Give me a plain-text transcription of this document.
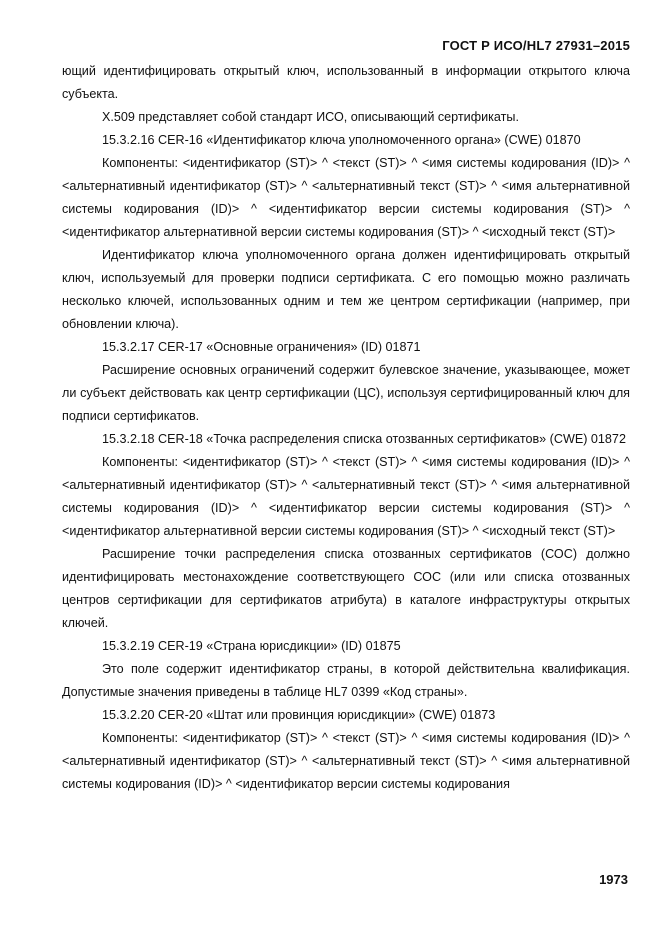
ГОСТ Р ИСО/HL7 27931–2015

ющий идентифицировать открытый ключ, использованный в информации открытого ключа субъекта.

X.509 представляет собой стандарт ИСО, описывающий сертификаты.

15.3.2.16 CER-16 «Идентификатор ключа уполномоченного органа» (CWE) 01870

Компоненты: <идентификатор (ST)> ^ <текст (ST)> ^ <имя системы кодирования (ID)> ^ <альтернативный идентификатор (ST)> ^ <альтернативный текст (ST)> ^ <имя альтернативной системы кодирования (ID)> ^ <идентификатор версии системы кодирования (ST)> ^ <идентификатор альтернативной версии системы кодирования (ST)> ^ <исходный текст (ST)>

Идентификатор ключа уполномоченного органа должен идентифицировать открытый ключ, используемый для проверки подписи сертификата. С его помощью можно различать несколько ключей, использованных одним и тем же центром сертификации (например, при обновлении ключа).

15.3.2.17 CER-17 «Основные ограничения» (ID) 01871

Расширение основных ограничений содержит булевское значение, указывающее, может ли субъект действовать как центр сертификации (ЦС), используя сертифицированный ключ для подписи сертификатов.

15.3.2.18 CER-18 «Точка распределения списка отозванных сертификатов» (CWE) 01872

Компоненты: <идентификатор (ST)> ^ <текст (ST)> ^ <имя системы кодирования (ID)> ^ <альтернативный идентификатор (ST)> ^ <альтернативный текст (ST)> ^ <имя альтернативной системы кодирования (ID)> ^ <идентификатор версии системы кодирования (ST)> ^ <идентификатор альтернативной версии системы кодирования (ST)> ^ <исходный текст (ST)>

Расширение точки распределения списка отозванных сертификатов (СОС) должно идентифицировать местонахождение соответствующего СОС (или или списка отозванных центров сертификации для сертификатов атрибута) в каталоге инфраструктуры открытых ключей.

15.3.2.19 CER-19 «Страна юрисдикции» (ID) 01875

Это поле содержит идентификатор страны, в которой действительна квалификация. Допустимые значения приведены в таблице HL7 0399 «Код страны».

15.3.2.20 CER-20 «Штат или провинция юрисдикции» (CWE) 01873

Компоненты: <идентификатор (ST)> ^ <текст (ST)> ^ <имя системы кодирования (ID)> ^ <альтернативный идентификатор (ST)> ^ <альтернативный текст (ST)> ^ <имя альтернативной системы кодирования (ID)> ^ <идентификатор версии системы кодирования

1973
